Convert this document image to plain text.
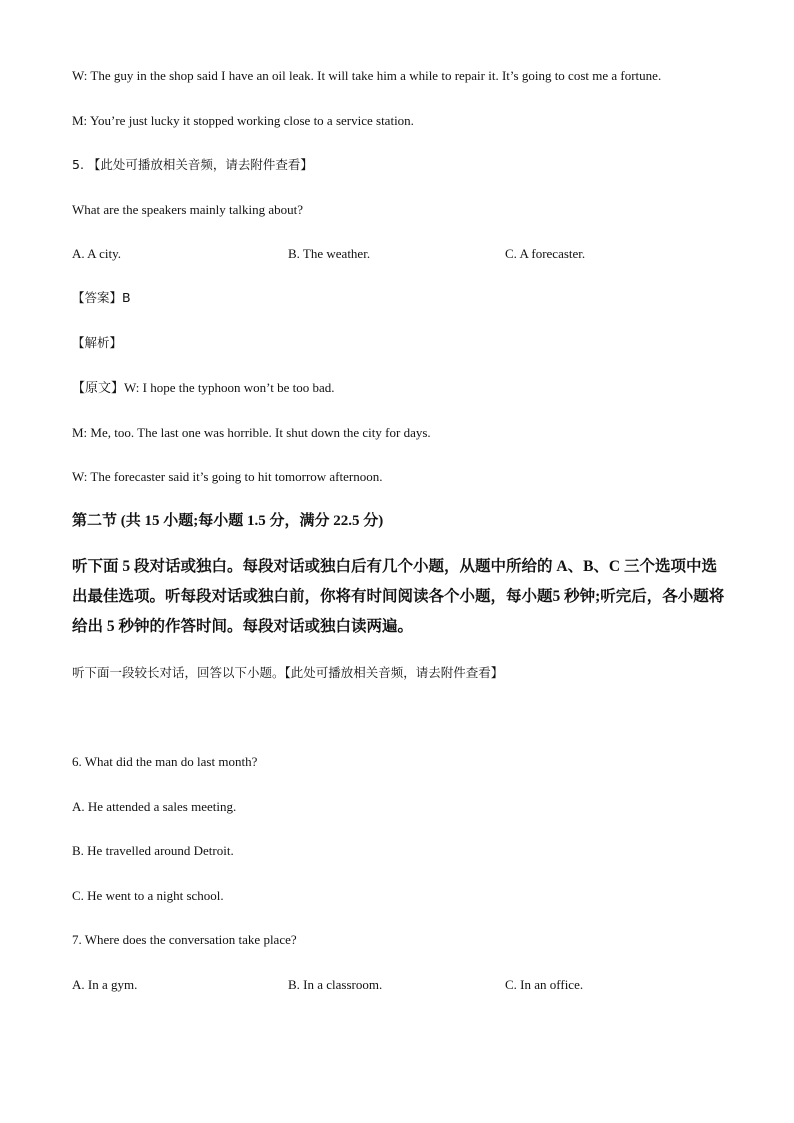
W: The guy in the shop said I have an oil leak. It will take him a while to repair it. It’s going to cost me a fortune.
M: You’re just lucky it stopped working close to a service station.
5. 【此处可播放相关音频，请去附件查看】
What are the speakers mainly talking about?
A. A city.	B. The weather.	C. A forecaster.
【答案】B
【解析】
【原文】W: I hope the typhoon won’t be too bad.
M: Me, too. The last one was horrible. It shut down the city for days.
W: The forecaster said it’s going to hit tomorrow afternoon.
第二节 (共 15 小题;每小题 1.5 分，满分 22.5 分)
听下面 5 段对话或独白。每段对话或独白后有几个小题，从题中所给的 A、B、C 三个选项中选出最佳选项。听每段对话或独白前，你将有时间阅读各个小题，每小题5 秒钟;听完后，各小题将给出 5 秒钟的作答时间。每段对话或独白读两遍。
听下面一段较长对话，回答以下小题。【此处可播放相关音频，请去附件查看】
6. What did the man do last month?
A. He attended a sales meeting.
B. He travelled around Detroit.
C. He went to a night school.
7. Where does the conversation take place?
A. In a gym.	B. In a classroom.	C. In an office.
